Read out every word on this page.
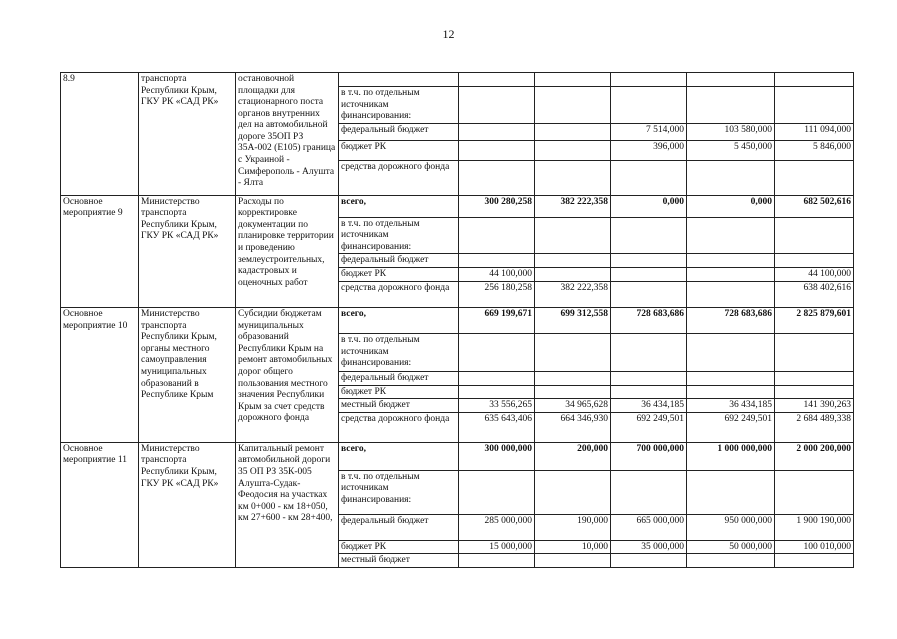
12
8.9	транспорта Республики Крым, ГКУ РК «САД РК»	остановочной площадки для стационарного поста органов внутренних дел на автомобильной дороге 35ОП РЗ 35А-002 (Е105) граница с Украиной - Симферополь - Алушта - Ялта						
			в т.ч. по отдельным источникам финансирования:					
			федеральный бюджет			7 514,000	103 580,000	111 094,000
			бюджет РК			396,000	5 450,000	5 846,000
			средства дорожного фонда					
Основное мероприятие 9	Министерство транспорта Республики Крым, ГКУ РК «САД РК»	Расходы по корректировке документации по планировке территории и проведению землеустроительных, кадастровых и оценочных работ	всего,	300 280,258	382 222,358	0,000	0,000	682 502,616
			в т.ч. по отдельным источникам финансирования:					
			федеральный бюджет					
			бюджет РК	44 100,000				44 100,000
			средства дорожного фонда	256 180,258	382 222,358			638 402,616
Основное мероприятие 10	Министерство транспорта Республики Крым, органы местного самоуправления муниципальных образований в Республике Крым	Субсидии бюджетам муниципальных образований Республики Крым на ремонт автомобильных дорог общего пользования местного значения Республики Крым за счет средств дорожного фонда	всего,	669 199,671	699 312,558	728 683,686	728 683,686	2 825 879,601
			в т.ч. по отдельным источникам финансирования:					
			федеральный бюджет					
			бюджет РК					
			местный бюджет	33 556,265	34 965,628	36 434,185	36 434,185	141 390,263
			средства дорожного фонда	635 643,406	664 346,930	692 249,501	692 249,501	2 684 489,338
Основное мероприятие 11	Министерство транспорта Республики Крым, ГКУ РК «САД РК»	Капитальный ремонт автомобильной дороги 35 ОП РЗ 35К-005 Алушта-Судак-Феодосия на участках км 0+000 - км 18+050, км 27+600 - км 28+400,	всего,	300 000,000	200,000	700 000,000	1 000 000,000	2 000 200,000
			в т.ч. по отдельным источникам финансирования:					
			федеральный бюджет	285 000,000	190,000	665 000,000	950 000,000	1 900 190,000
			бюджет РК	15 000,000	10,000	35 000,000	50 000,000	100 010,000
			местный бюджет					
